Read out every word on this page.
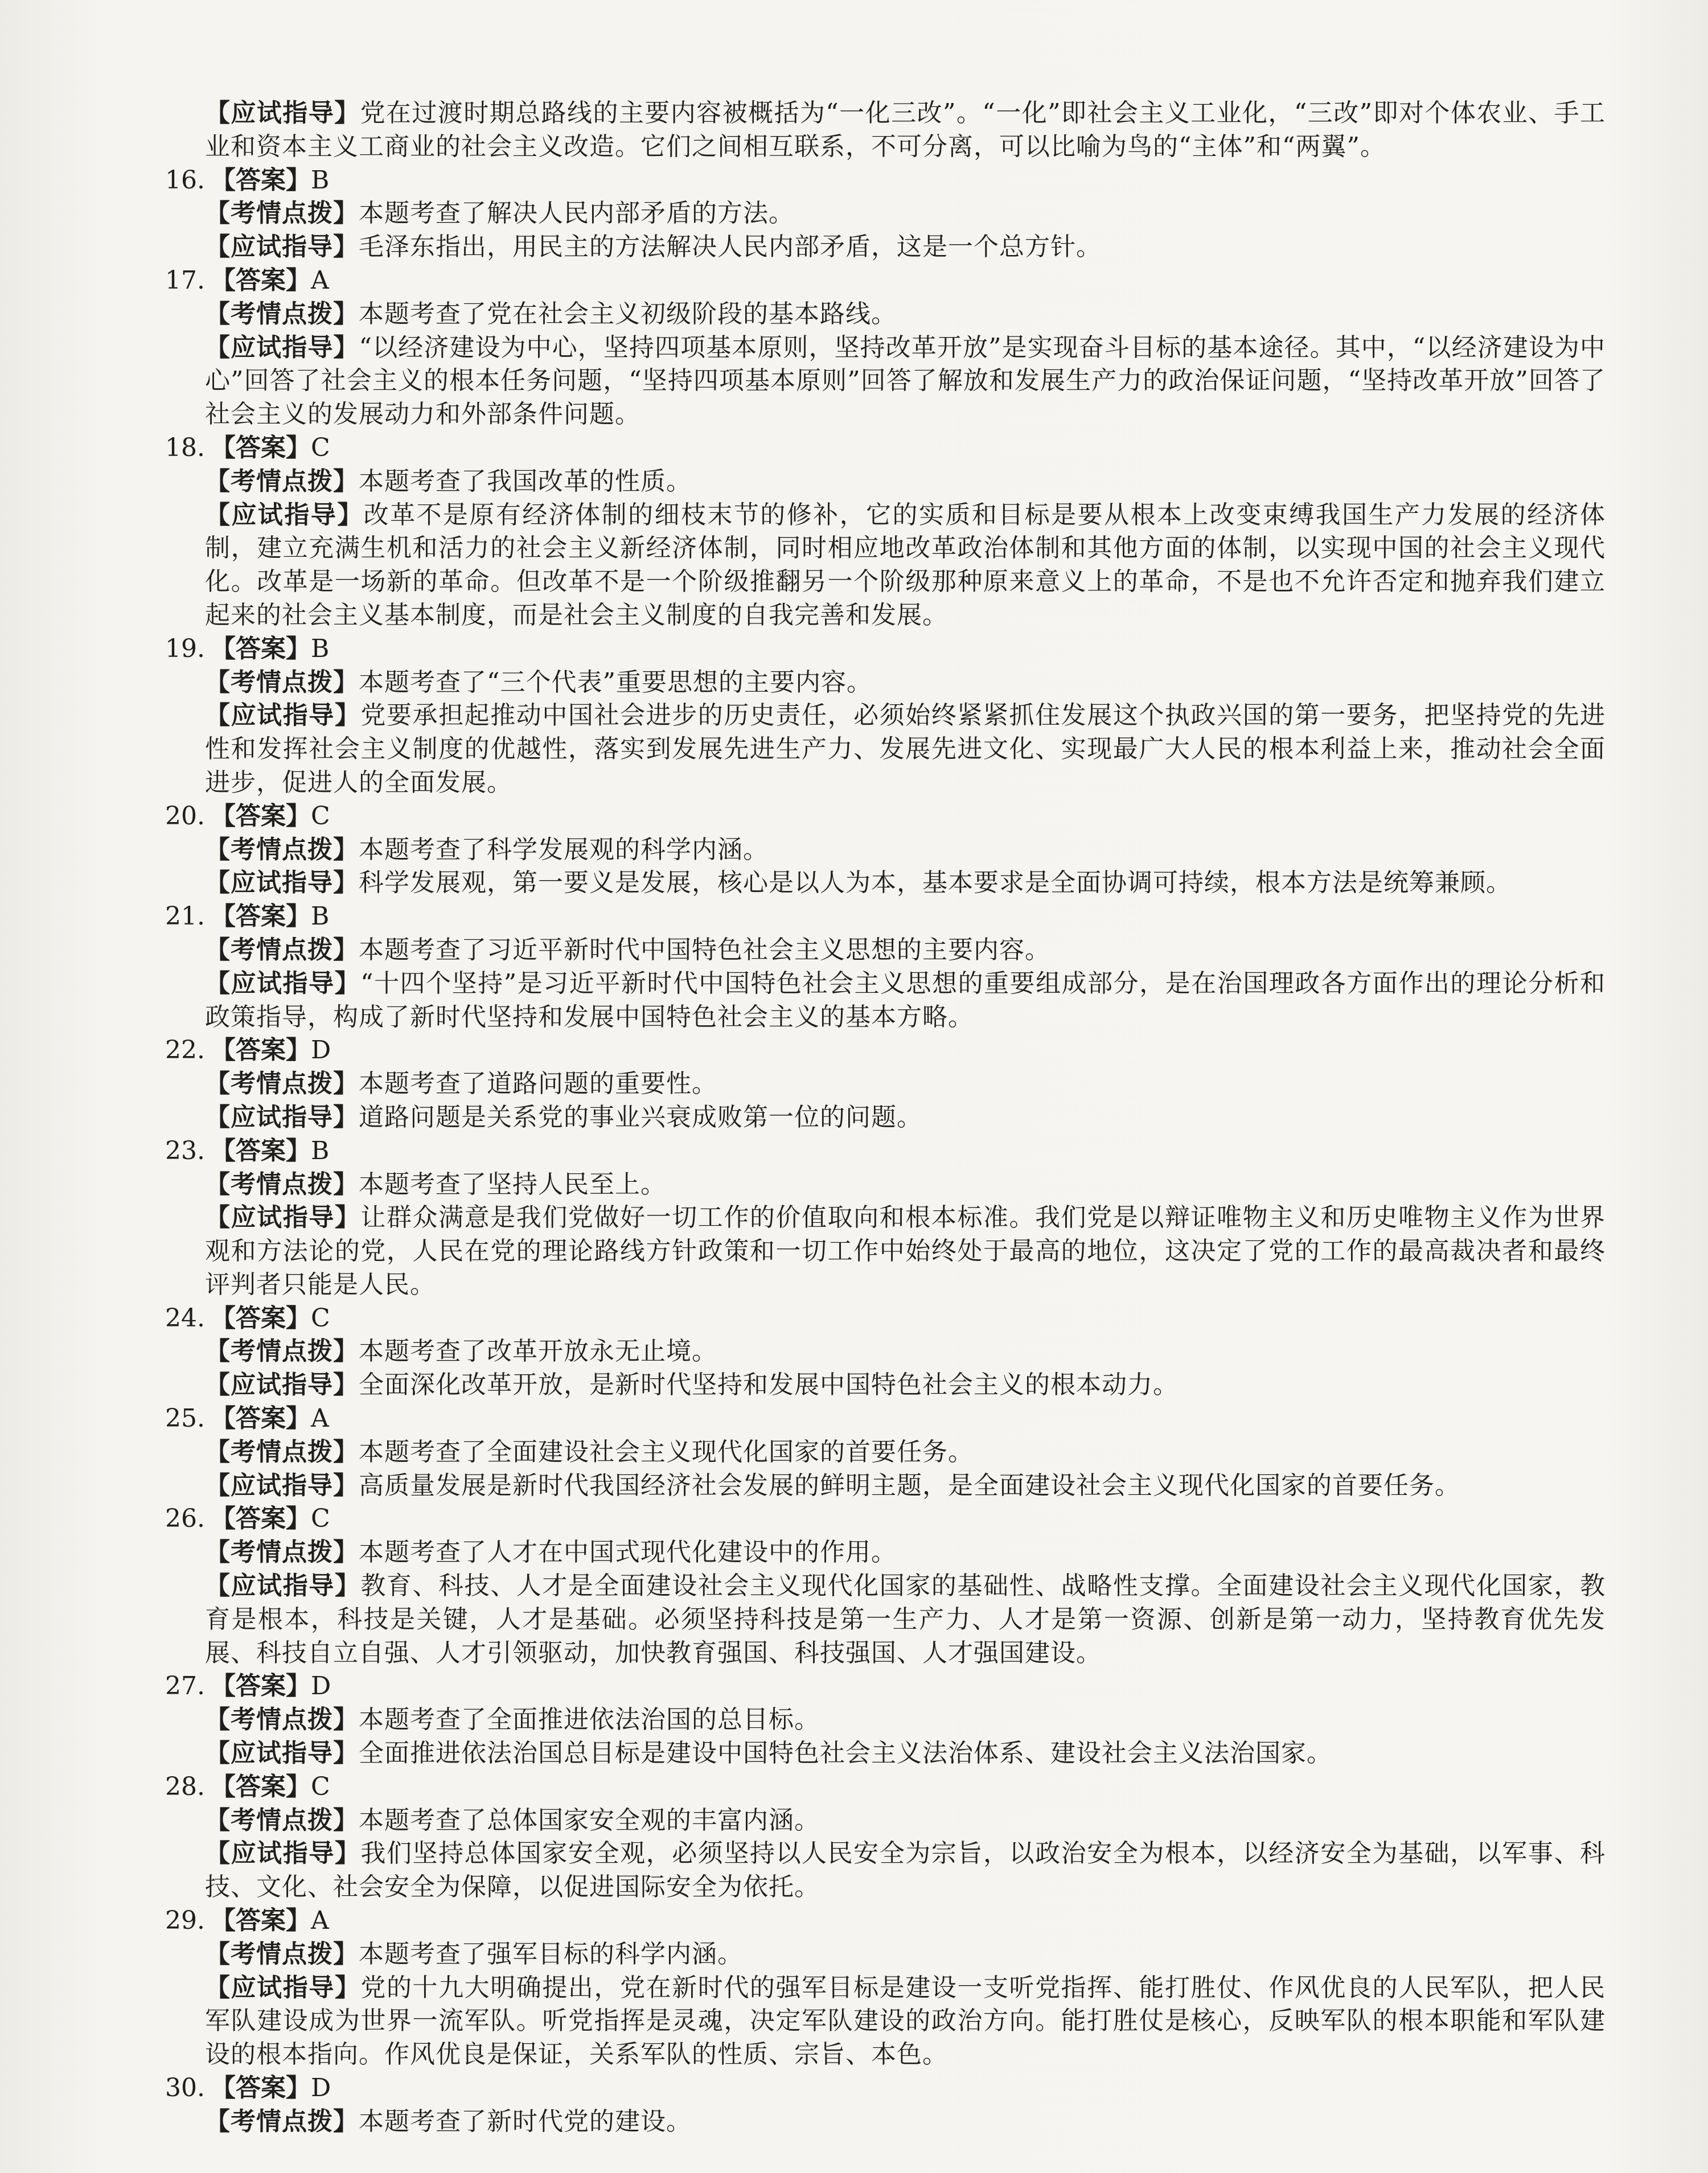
【应试指导】党在过渡时期总路线的主要内容被概括为“一化三改”。“一化”即社会主义工业化，“三改”即对个体农业、手工业和资本主义工商业的社会主义改造。它们之间相互联系，不可分离，可以比喻为鸟的“主体”和“两翼”。

16. 【答案】B

【考情点拨】本题考查了解决人民内部矛盾的方法。

【应试指导】毛泽东指出，用民主的方法解决人民内部矛盾，这是一个总方针。

17. 【答案】A

【考情点拨】本题考查了党在社会主义初级阶段的基本路线。

【应试指导】“以经济建设为中心，坚持四项基本原则，坚持改革开放”是实现奋斗目标的基本途径。其中，“以经济建设为中心”回答了社会主义的根本任务问题，“坚持四项基本原则”回答了解放和发展生产力的政治保证问题，“坚持改革开放”回答了社会主义的发展动力和外部条件问题。

18. 【答案】C

【考情点拨】本题考查了我国改革的性质。

【应试指导】改革不是原有经济体制的细枝末节的修补，它的实质和目标是要从根本上改变束缚我国生产力发展的经济体制，建立充满生机和活力的社会主义新经济体制，同时相应地改革政治体制和其他方面的体制，以实现中国的社会主义现代化。改革是一场新的革命。但改革不是一个阶级推翻另一个阶级那种原来意义上的革命，不是也不允许否定和抛弃我们建立起来的社会主义基本制度，而是社会主义制度的自我完善和发展。

19. 【答案】B

【考情点拨】本题考查了“三个代表”重要思想的主要内容。

【应试指导】党要承担起推动中国社会进步的历史责任，必须始终紧紧抓住发展这个执政兴国的第一要务，把坚持党的先进性和发挥社会主义制度的优越性，落实到发展先进生产力、发展先进文化、实现最广大人民的根本利益上来，推动社会全面进步，促进人的全面发展。

20. 【答案】C

【考情点拨】本题考查了科学发展观的科学内涵。

【应试指导】科学发展观，第一要义是发展，核心是以人为本，基本要求是全面协调可持续，根本方法是统筹兼顾。

21. 【答案】B

【考情点拨】本题考查了习近平新时代中国特色社会主义思想的主要内容。

【应试指导】“十四个坚持”是习近平新时代中国特色社会主义思想的重要组成部分，是在治国理政各方面作出的理论分析和政策指导，构成了新时代坚持和发展中国特色社会主义的基本方略。

22. 【答案】D

【考情点拨】本题考查了道路问题的重要性。

【应试指导】道路问题是关系党的事业兴衰成败第一位的问题。

23. 【答案】B

【考情点拨】本题考查了坚持人民至上。

【应试指导】让群众满意是我们党做好一切工作的价值取向和根本标准。我们党是以辩证唯物主义和历史唯物主义作为世界观和方法论的党，人民在党的理论路线方针政策和一切工作中始终处于最高的地位，这决定了党的工作的最高裁决者和最终评判者只能是人民。

24. 【答案】C

【考情点拨】本题考查了改革开放永无止境。

【应试指导】全面深化改革开放，是新时代坚持和发展中国特色社会主义的根本动力。

25. 【答案】A

【考情点拨】本题考查了全面建设社会主义现代化国家的首要任务。

【应试指导】高质量发展是新时代我国经济社会发展的鲜明主题，是全面建设社会主义现代化国家的首要任务。

26. 【答案】C

【考情点拨】本题考查了人才在中国式现代化建设中的作用。

【应试指导】教育、科技、人才是全面建设社会主义现代化国家的基础性、战略性支撑。全面建设社会主义现代化国家，教育是根本，科技是关键，人才是基础。必须坚持科技是第一生产力、人才是第一资源、创新是第一动力，坚持教育优先发展、科技自立自强、人才引领驱动，加快教育强国、科技强国、人才强国建设。

27. 【答案】D

【考情点拨】本题考查了全面推进依法治国的总目标。

【应试指导】全面推进依法治国总目标是建设中国特色社会主义法治体系、建设社会主义法治国家。

28. 【答案】C

【考情点拨】本题考查了总体国家安全观的丰富内涵。

【应试指导】我们坚持总体国家安全观，必须坚持以人民安全为宗旨，以政治安全为根本，以经济安全为基础，以军事、科技、文化、社会安全为保障，以促进国际安全为依托。

29. 【答案】A

【考情点拨】本题考查了强军目标的科学内涵。

【应试指导】党的十九大明确提出，党在新时代的强军目标是建设一支听党指挥、能打胜仗、作风优良的人民军队，把人民军队建设成为世界一流军队。听党指挥是灵魂，决定军队建设的政治方向。能打胜仗是核心，反映军队的根本职能和军队建设的根本指向。作风优良是保证，关系军队的性质、宗旨、本色。

30. 【答案】D

【考情点拨】本题考查了新时代党的建设。
